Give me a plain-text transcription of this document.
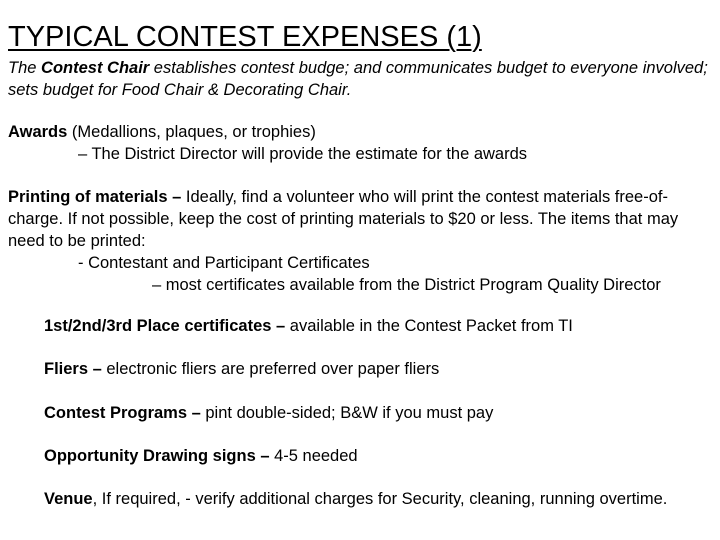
TYPICAL CONTEST EXPENSES (1)
The Contest Chair establishes contest budge; and communicates budget to everyone involved; sets budget for Food Chair & Decorating Chair.
Awards (Medallions, plaques, or trophies)
– The District Director will provide the estimate for the awards
Printing of materials – Ideally, find a volunteer who will print the contest materials free-of-charge. If not possible, keep the cost of printing materials to $20 or less. The items that may need to be printed:
- Contestant and Participant Certificates
– most certificates available from the District Program Quality Director
1st/2nd/3rd Place certificates – available in the Contest Packet from TI
Fliers – electronic fliers are preferred over paper fliers
Contest Programs – pint double-sided; B&W if you must pay
Opportunity Drawing signs – 4-5 needed
Venue, If required, - verify additional charges for Security, cleaning, running overtime.
